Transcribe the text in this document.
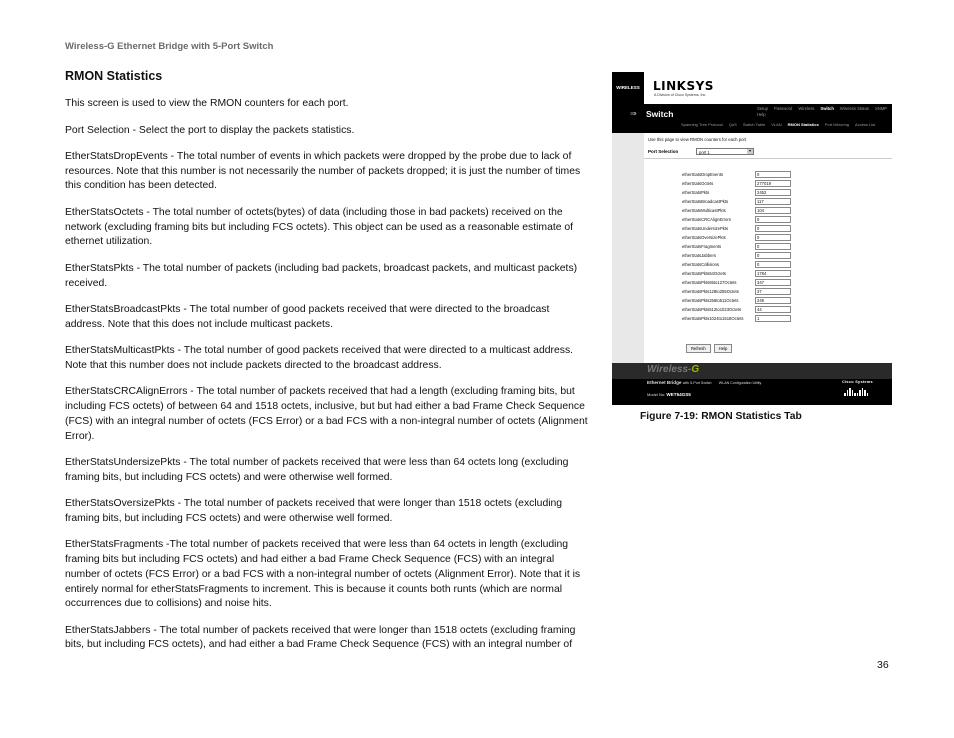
Wireless-G Ethernet Bridge with 5-Port Switch
RMON Statistics

This screen is used to view the RMON counters for each port.

Port Selection - Select the port to display the packets statistics.

EtherStatsDropEvents - The total number of events in which packets were dropped by the probe due to lack of resources. Note that this number is not necessarily the number of packets dropped; it is just the number of times this condition has been detected.

EtherStatsOctets - The total number of octets(bytes) of data (including those in bad packets) received on the network (excluding framing bits but including FCS octets). This object can be used as a reasonable estimate of ethernet utilization.

EtherStatsPkts - The total number of packets (including bad packets, broadcast packets, and multicast packets) received.

EtherStatsBroadcastPkts - The total number of good packets received that were directed to the broadcast address. Note that this does not include multicast packets.

EtherStatsMulticastPkts - The total number of good packets received that were directed to a multicast address. Note that this number does not include packets directed to the broadcast address.

EtherStatsCRCAlignErrors - The total number of packets received that had a length (excluding framing bits, but including FCS octets) of between 64 and 1518 octets, inclusive, but but had either a bad Frame Check Sequence (FCS) with an integral number of octets (FCS Error) or a bad FCS with a non-integral number of octets (Alignment Error).

EtherStatsUndersizePkts - The total number of packets received that were less than 64 octets long (excluding framing bits, but including FCS octets) and were otherwise well formed.

EtherStatsOversizePkts - The total number of packets received that were longer than 1518 octets (excluding framing bits, but including FCS octets) and were otherwise well formed.

EtherStatsFragments -The total number of packets received that were less than 64 octets in length (excluding framing bits but including FCS octets) and had either a bad Frame Check Sequence (FCS) with an integral number of octets (FCS Error) or a bad FCS with a non-integral number of octets (Alignment Error). Note that it is entirely normal for etherStatsFragments to increment. This is because it counts both runts (which are normal occurrences due to collisions) and noise hits.

EtherStatsJabbers - The total number of packets received that were longer than 1518 octets (excluding framing bits, but including FCS octets), and had either a bad Frame Check Sequence (FCS) with an integral number of

WIRELESS	LINKSYS
A Division of Cisco Systems, Inc.
⇒ Switch
Setup	Password	Wireless	Switch	Wireless Status	SNMP
Help
Spanning Tree Protocol	QoS	Switch Table	VLAN	RMON Statistics	Port Mirroring	Access List
Use this page to view RMON counters for each port
Port Selection	port 1	▼
etherStatsDropEvents	0
etherStatsOctets	277019
etherStatsPkts	2452
etherStatsBroadcastPkts	117
etherStatsMulticastPkts	104
etherStatsCRCAlignErrors	0
etherStatsUndersizePkts	0
etherStatsOversizePkts	0
etherStatsFragments	0
etherStatsJabbers	0
etherStatsCollisions	0
etherStatsPkts64Octets	1784
etherStatsPkts65to127Octets	347
etherStatsPkts128to255Octets	37
etherStatsPkts256to511Octets	249
etherStatsPkts512to1023Octets	44
etherStatsPkts1024to1518Octets	1
Refresh	Help
Wireless-G
Ethernet Bridge with 5-Port Switch WLAN Configuration Utility
Model No: WET54GS5
Cisco Systems
Figure 7-19: RMON Statistics Tab
36
